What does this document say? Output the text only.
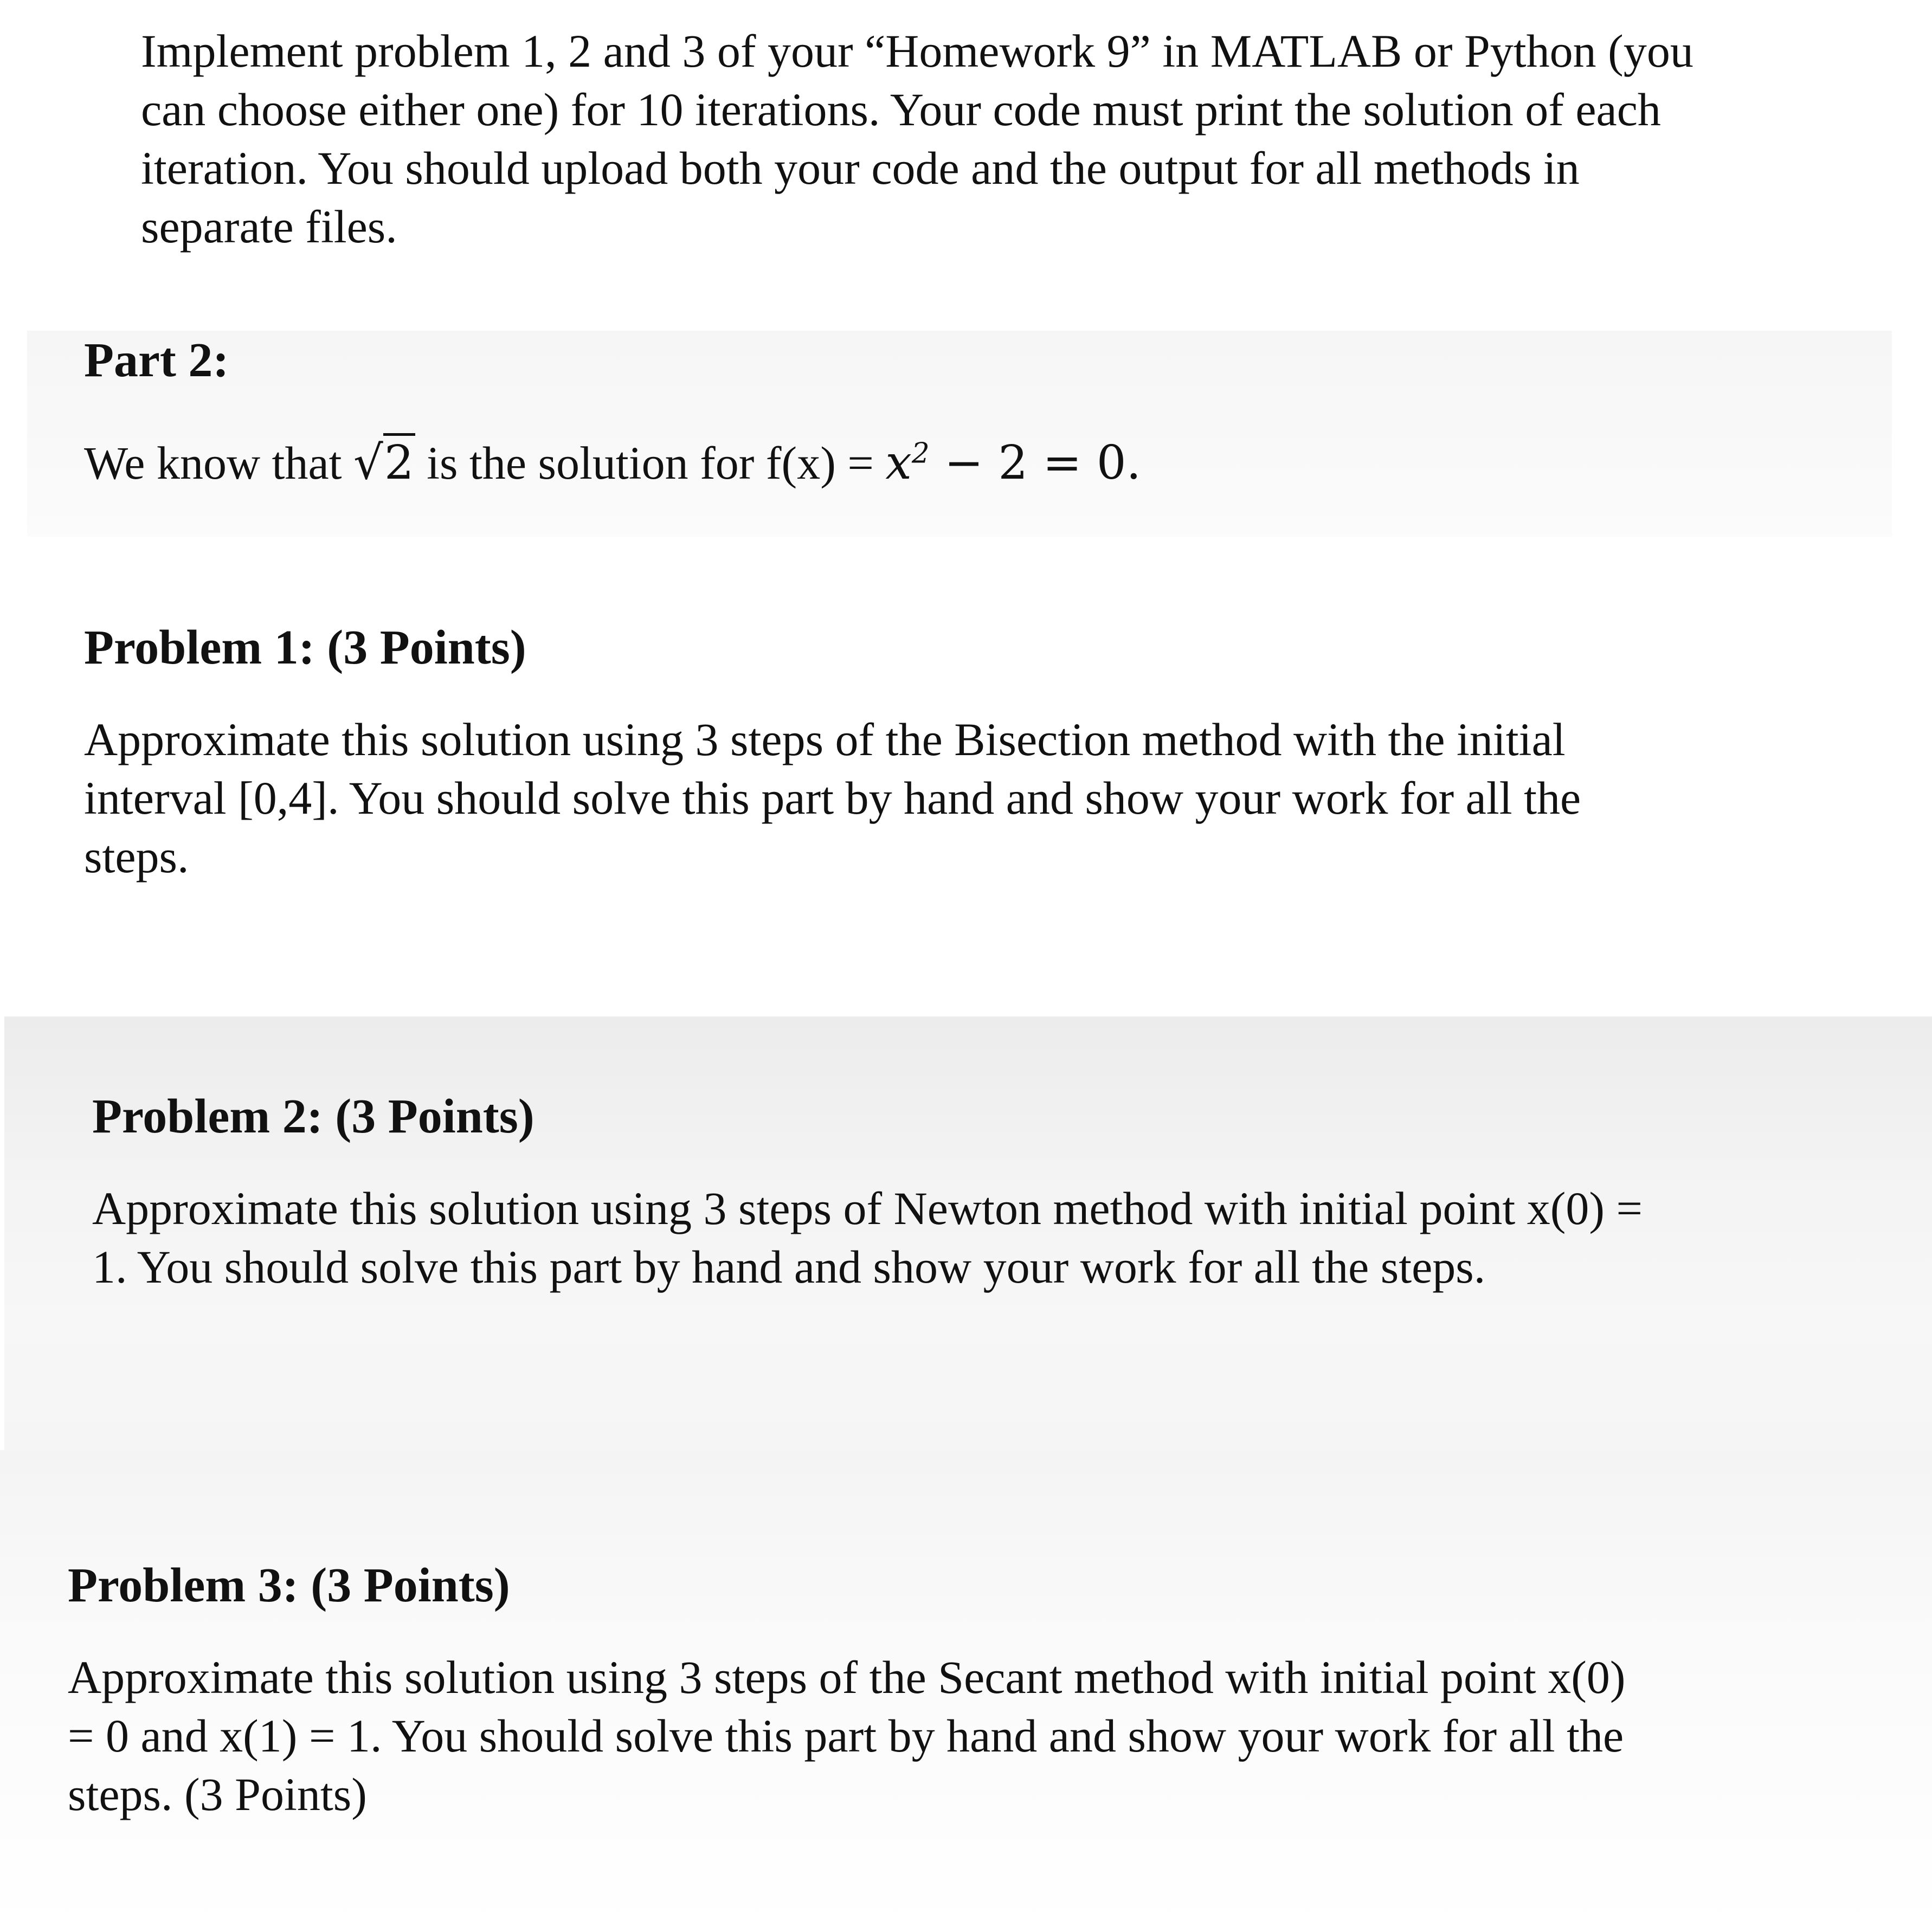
Implement problem 1, 2 and 3 of your “Homework 9” in MATLAB or Python (you

can choose either one) for 10 iterations. Your code must print the solution of each

iteration. You should upload both your code and the output for all methods in

separate files.

Part 2:

We know that √2 is the solution for $f(x) = x^2 - 2 = 0$.

Problem 1: (3 Points)

Approximate this solution using 3 steps of the Bisection method with the initial

interval [0,4]. You should solve this part by hand and show your work for all the

steps.

Problem 2: (3 Points)

Approximate this solution using 3 steps of Newton method with initial point x(0) =

1. You should solve this part by hand and show your work for all the steps.

Problem 3: (3 Points)

Approximate this solution using 3 steps of the Secant method with initial point x(0)

= 0 and x(1) = 1. You should solve this part by hand and show your work for all the

steps. (3 Points)
